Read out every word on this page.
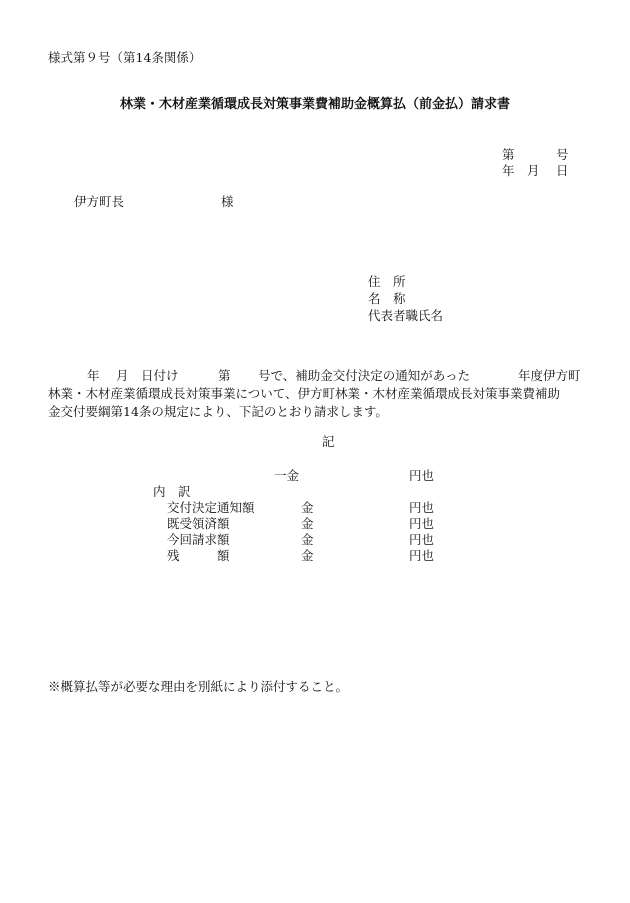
様式第９号（第14条関係）
林業・木材産業循環成長対策事業費補助金概算払（前金払）請求書
第	号
年 月 日
伊方町長	様
住　所
名　称
代表者職氏名
年 月 日付け	第 号で、補助金交付決定の通知があった	年度伊方町
林業・木材産業循環成長対策事業について、伊方町林業・木材産業循環成長対策事業費補助
金交付要綱第14条の規定により、下記のとおり請求します。
記
一金	円也
内　訳
交付決定通知額	金	円也
既受領済額	金	円也
今回請求額	金	円也
残　　　額	金	円也
※概算払等が必要な理由を別紙により添付すること。
